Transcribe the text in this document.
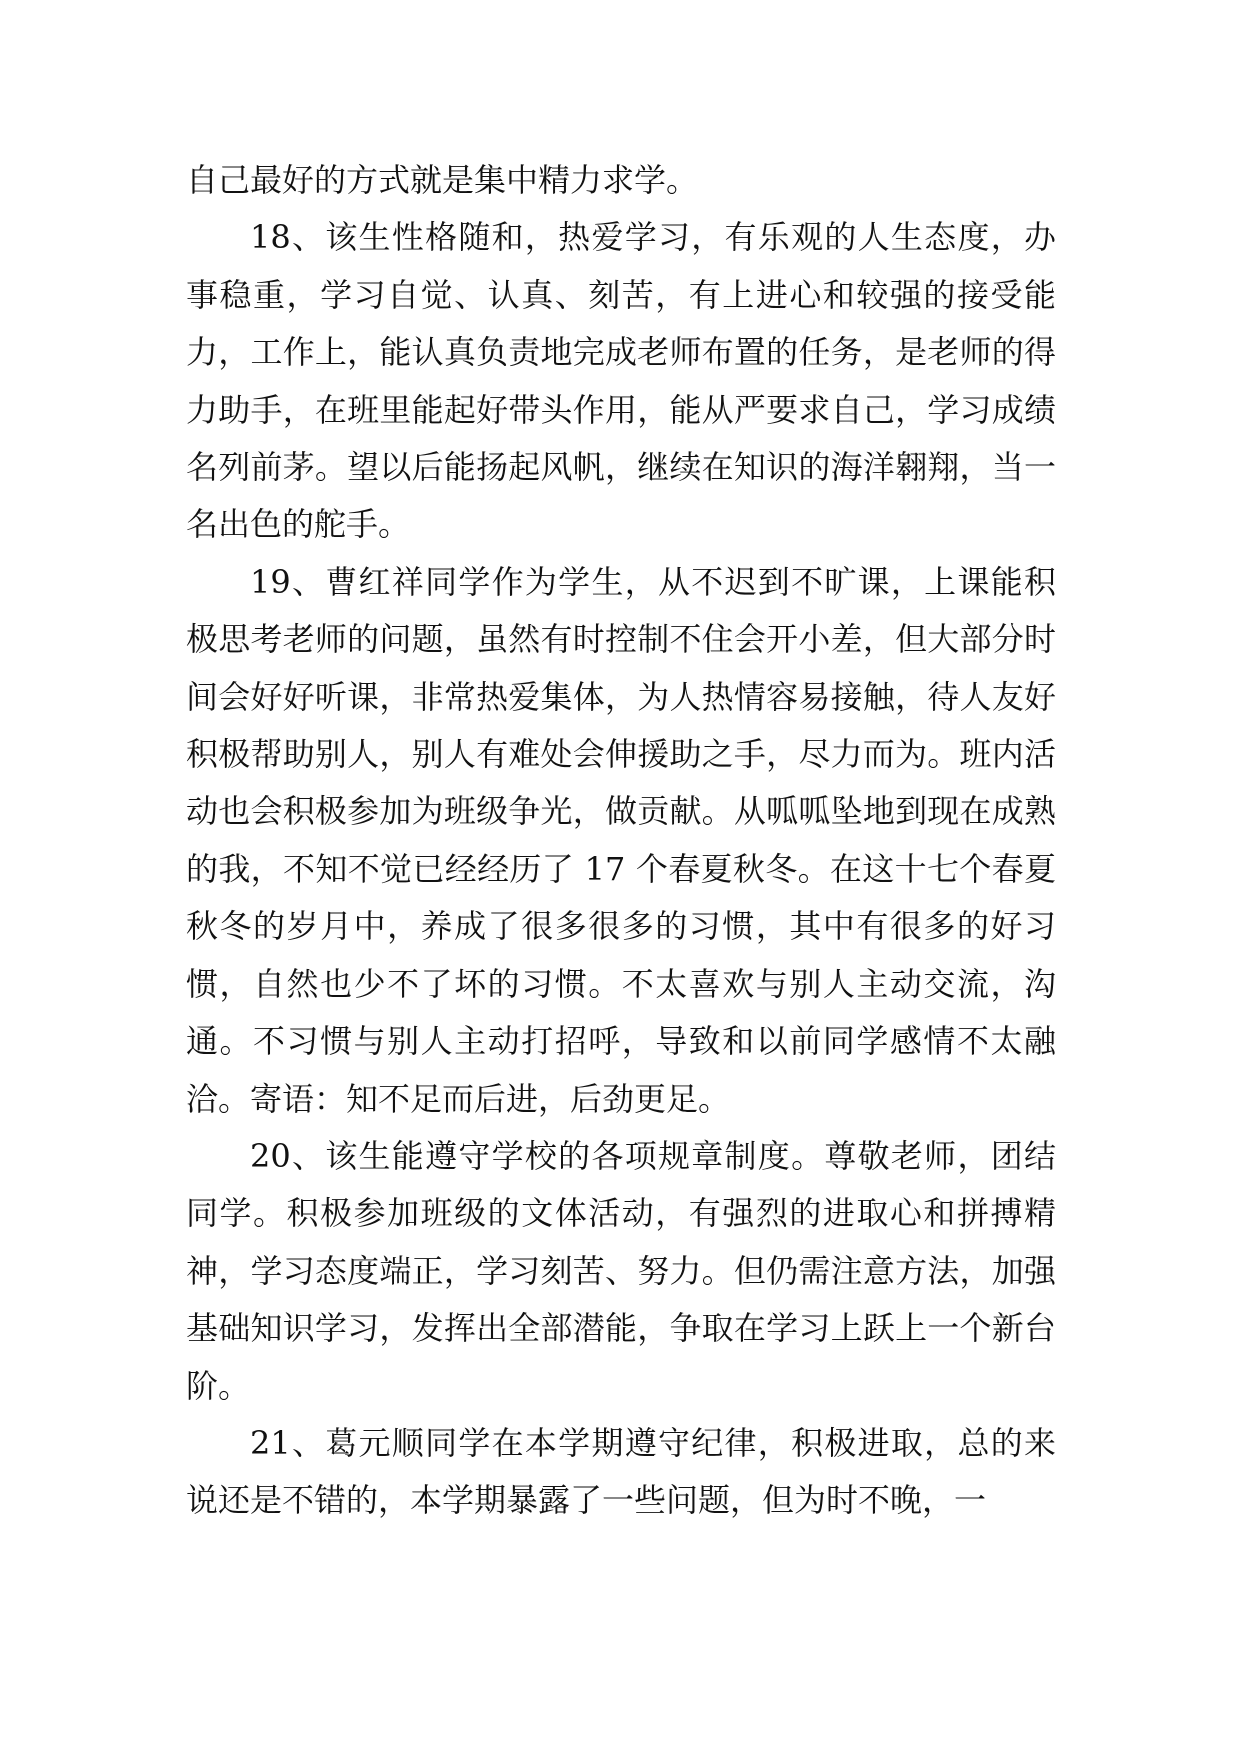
自己最好的方式就是集中精力求学。

18、该生性格随和，热爱学习，有乐观的人生态度，办事稳重，学习自觉、认真、刻苦，有上进心和较强的接受能力，工作上，能认真负责地完成老师布置的任务，是老师的得力助手，在班里能起好带头作用，能从严要求自己，学习成绩名列前茅。望以后能扬起风帆，继续在知识的海洋翱翔，当一名出色的舵手。

19、曹红祥同学作为学生，从不迟到不旷课，上课能积极思考老师的问题，虽然有时控制不住会开小差，但大部分时间会好好听课，非常热爱集体，为人热情容易接触，待人友好积极帮助别人，别人有难处会伸援助之手，尽力而为。班内活动也会积极参加为班级争光，做贡献。从呱呱坠地到现在成熟的我，不知不觉已经经历了 17 个春夏秋冬。在这十七个春夏秋冬的岁月中，养成了很多很多的习惯，其中有很多的好习惯，自然也少不了坏的习惯。不太喜欢与别人主动交流，沟通。不习惯与别人主动打招呼，导致和以前同学感情不太融洽。寄语：知不足而后进，后劲更足。

20、该生能遵守学校的各项规章制度。尊敬老师，团结同学。积极参加班级的文体活动，有强烈的进取心和拼搏精神，学习态度端正，学习刻苦、努力。但仍需注意方法，加强基础知识学习，发挥出全部潜能，争取在学习上跃上一个新台阶。

21、葛元顺同学在本学期遵守纪律，积极进取，总的来说还是不错的，本学期暴露了一些问题，但为时不晚，一
